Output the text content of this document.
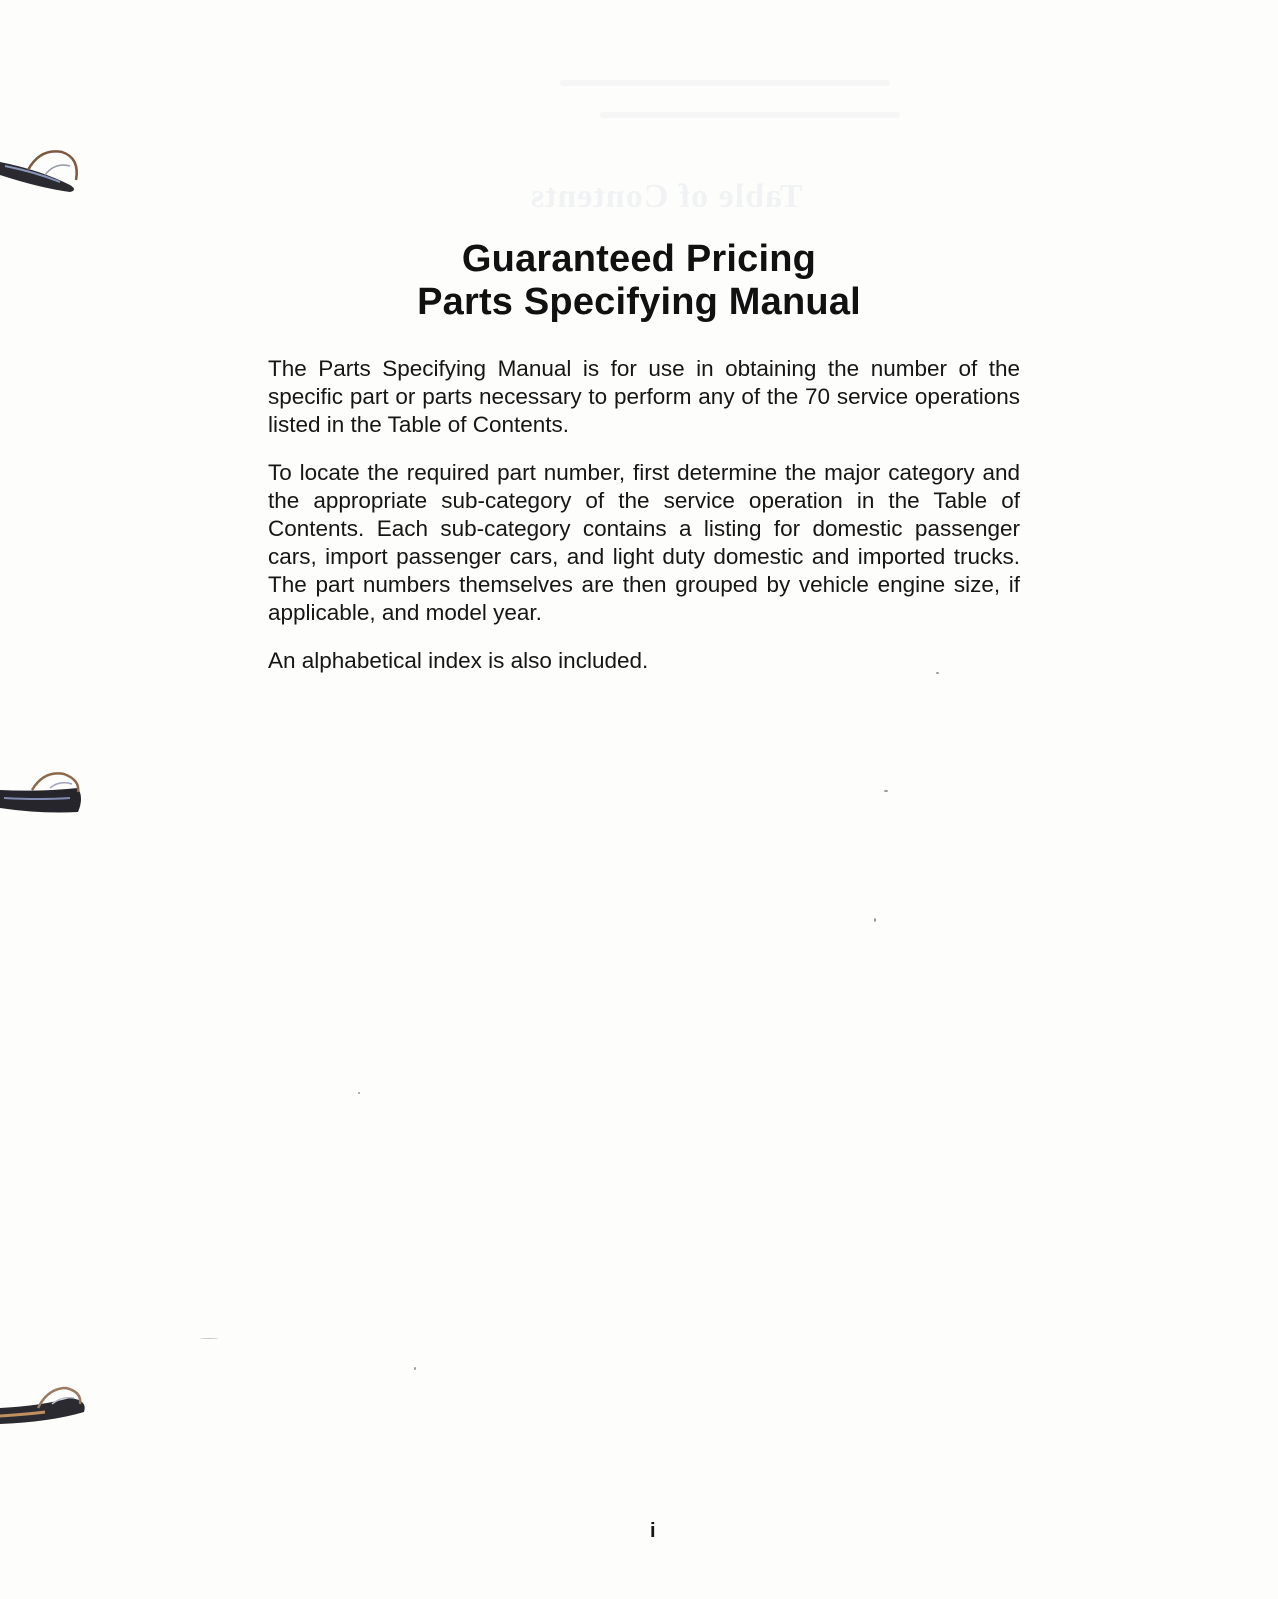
Table of Contents
Guaranteed Pricing
Parts Specifying Manual

The Parts Specifying Manual is for use in obtaining the number of the specific part or parts necessary to perform any of the 70 service operations listed in the Table of Contents.

To locate the required part number, first determine the major category and the appropriate sub-category of the service operation in the Table of Contents. Each sub-category contains a listing for domestic passenger cars, import passenger cars, and light duty domestic and imported trucks. The part numbers themselves are then grouped by vehicle engine size, if applicable, and model year.

An alphabetical index is also included.

i
